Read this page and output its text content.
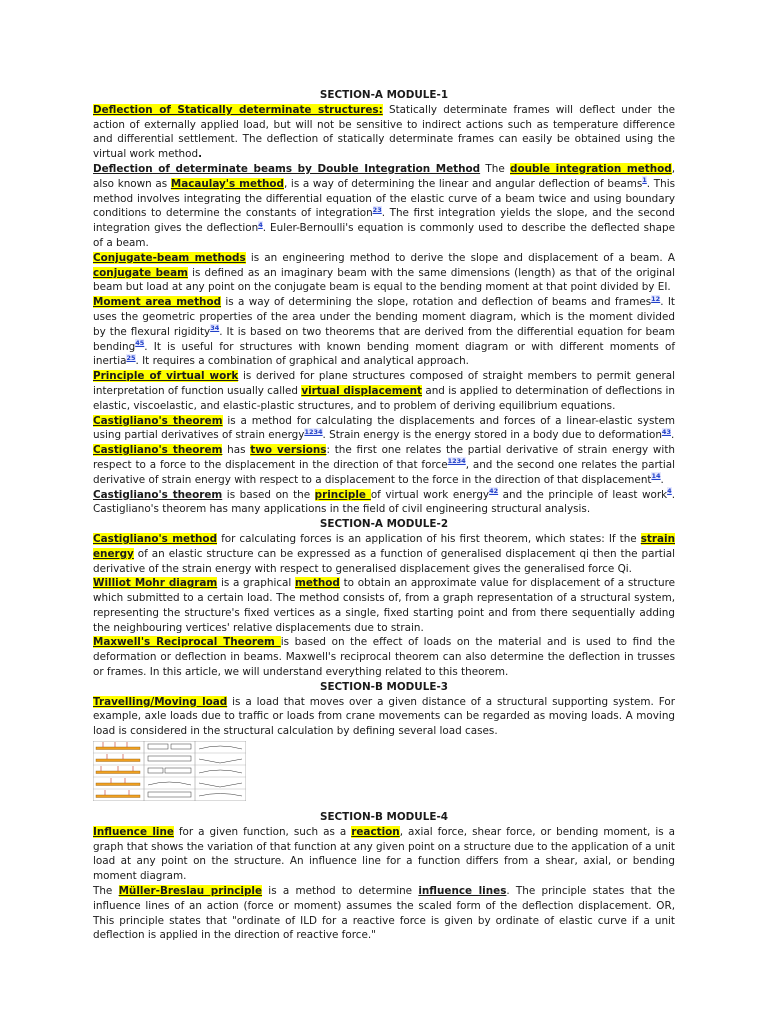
SECTION-A MODULE-1

Deflection of Statically determinate structures: Statically determinate frames will deflect under the action of externally applied load, but will not be sensitive to indirect actions such as temperature difference and differential settlement. The deflection of statically determinate frames can easily be obtained using the virtual work method.

Deflection of determinate beams by Double Integration Method The double integration method, also known as Macaulay's method, is a way of determining the linear and angular deflection of beams$^1$. This method involves integrating the differential equation of the elastic curve of a beam twice and using boundary conditions to determine the constants of integration$^{23}$. The first integration yields the slope, and the second integration gives the deflection$^4$. Euler-Bernoulli's equation is commonly used to describe the deflected shape of a beam.

Conjugate-beam methods is an engineering method to derive the slope and displacement of a beam. A conjugate beam is defined as an imaginary beam with the same dimensions (length) as that of the original beam but load at any point on the conjugate beam is equal to the bending moment at that point divided by EI.

Moment area method is a way of determining the slope, rotation and deflection of beams and frames$^{12}$. It uses the geometric properties of the area under the bending moment diagram, which is the moment divided by the flexural rigidity$^{34}$. It is based on two theorems that are derived from the differential equation for beam bending$^{45}$. It is useful for structures with known bending moment diagram or with different moments of inertia$^{25}$. It requires a combination of graphical and analytical approach.

Principle of virtual work is derived for plane structures composed of straight members to permit general interpretation of function usually called virtual displacement and is applied to determination of deflections in elastic, viscoelastic, and elastic-plastic structures, and to problem of deriving equilibrium equations.

Castigliano's theorem is a method for calculating the displacements and forces of a linear-elastic system using partial derivatives of strain energy$^{1234}$. Strain energy is the energy stored in a body due to deformation$^{43}$.

Castigliano's theorem has two versions: the first one relates the partial derivative of strain energy with respect to a force to the displacement in the direction of that force$^{1234}$, and the second one relates the partial derivative of strain energy with respect to a displacement to the force in the direction of that displacement$^{14}$.

Castigliano's theorem is based on the principle of virtual work energy$^{42}$ and the principle of least work$^4$. Castigliano's theorem has many applications in the field of civil engineering structural analysis.

SECTION-A MODULE-2

Castigliano's method for calculating forces is an application of his first theorem, which states: If the strain energy of an elastic structure can be expressed as a function of generalised displacement qi then the partial derivative of the strain energy with respect to generalised displacement gives the generalised force Qi.

Williot Mohr diagram is a graphical method to obtain an approximate value for displacement of a structure which submitted to a certain load. The method consists of, from a graph representation of a structural system, representing the structure's fixed vertices as a single, fixed starting point and from there sequentially adding the neighbouring vertices' relative displacements due to strain.

Maxwell's Reciprocal Theorem is based on the effect of loads on the material and is used to find the deformation or deflection in beams. Maxwell's reciprocal theorem can also determine the deflection in trusses or frames. In this article, we will understand everything related to this theorem.

SECTION-B MODULE-3

Travelling/Moving load is a load that moves over a given distance of a structural supporting system. For example, axle loads due to traffic or loads from crane movements can be regarded as moving loads. A moving load is considered in the structural calculation by defining several load cases.

SECTION-B MODULE-4

Influence line for a given function, such as a reaction, axial force, shear force, or bending moment, is a graph that shows the variation of that function at any given point on a structure due to the application of a unit load at any point on the structure. An influence line for a function differs from a shear, axial, or bending moment diagram.

The Müller-Breslau principle is a method to determine influence lines. The principle states that the influence lines of an action (force or moment) assumes the scaled form of the deflection displacement. OR, This principle states that "ordinate of ILD for a reactive force is given by ordinate of elastic curve if a unit deflection is applied in the direction of reactive force."
